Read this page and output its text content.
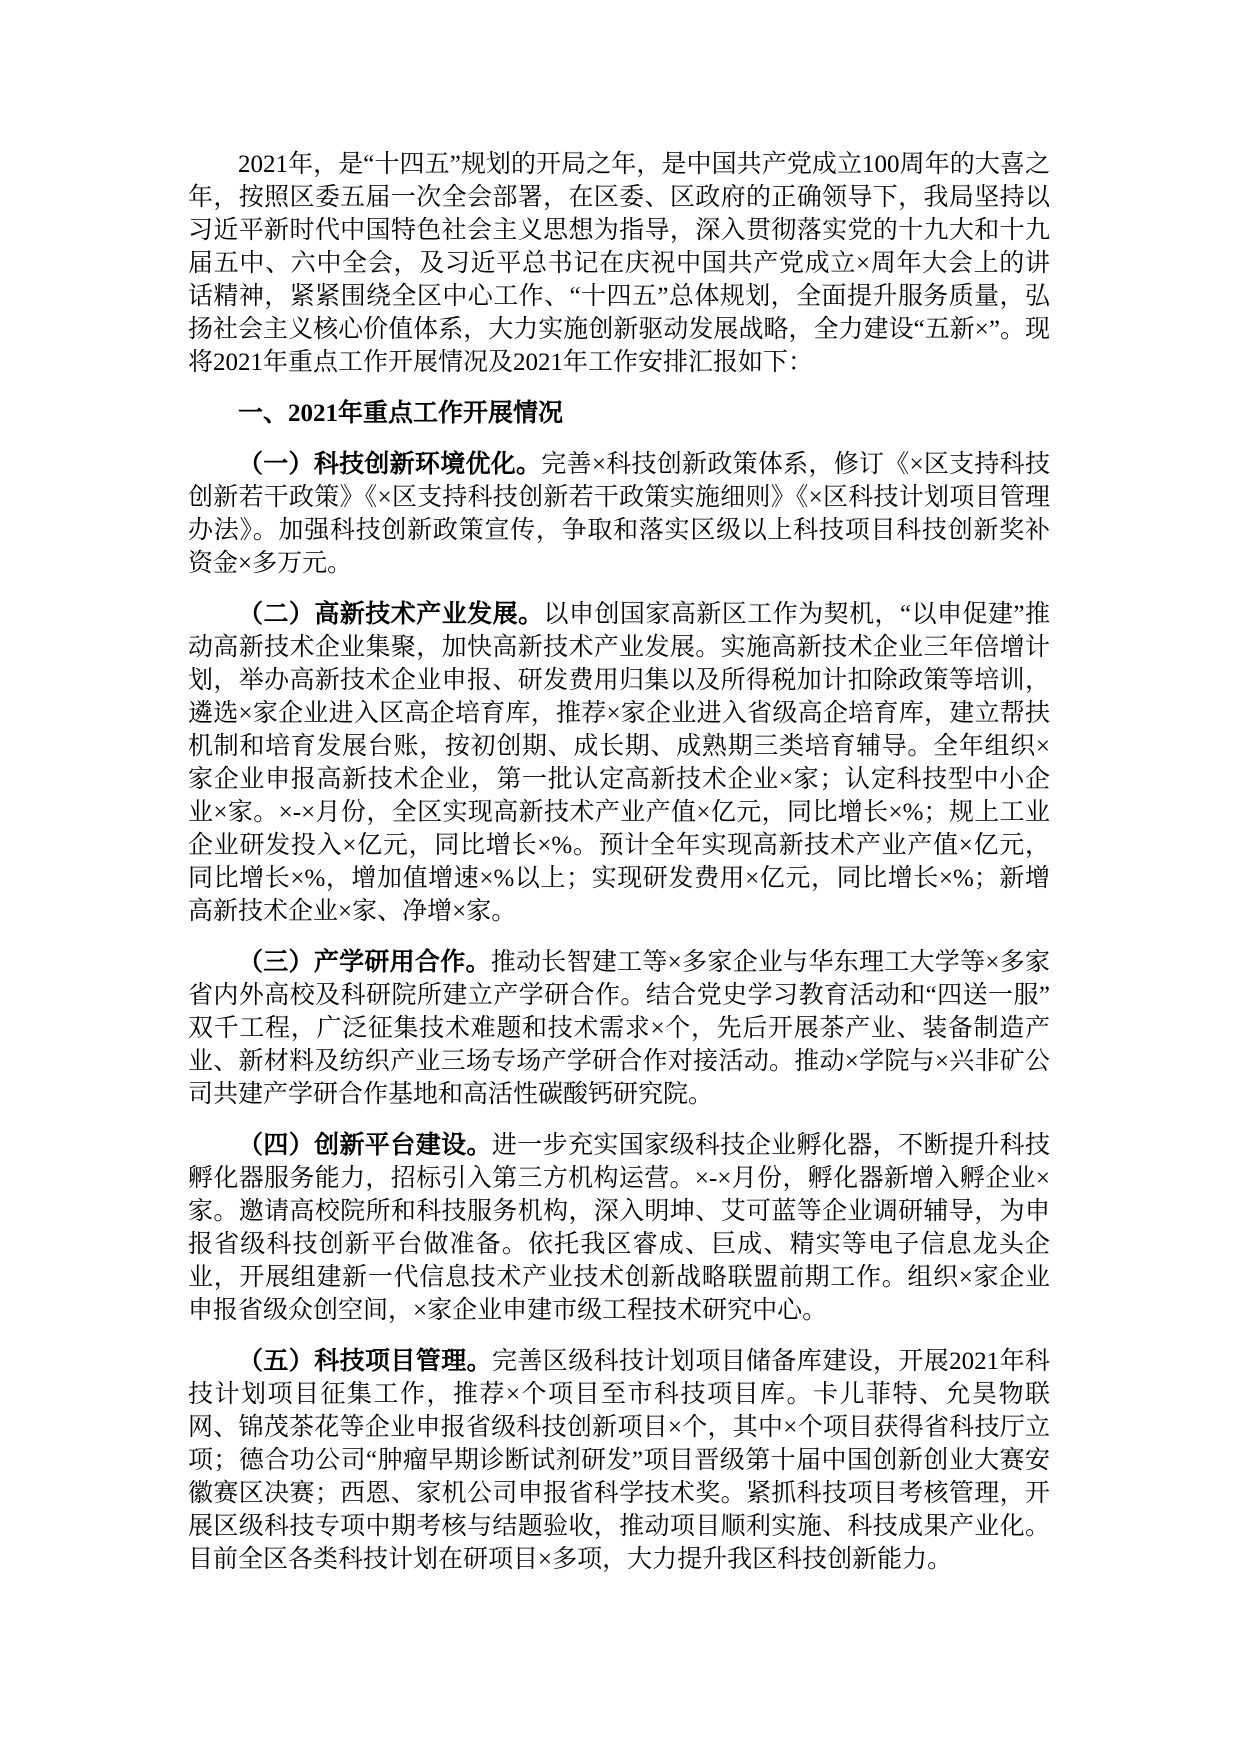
2021年，是“十四五”规划的开局之年，是中国共产党成立100周年的大喜之年，按照区委五届一次全会部署，在区委、区政府的正确领导下，我局坚持以习近平新时代中国特色社会主义思想为指导，深入贯彻落实党的十九大和十九届五中、六中全会，及习近平总书记在庆祝中国共产党成立×周年大会上的讲话精神，紧紧围绕全区中心工作、“十四五”总体规划，全面提升服务质量，弘扬社会主义核心价值体系，大力实施创新驱动发展战略，全力建设“五新×”。现将2021年重点工作开展情况及2021年工作安排汇报如下：

一、2021年重点工作开展情况

（一）科技创新环境优化。完善×科技创新政策体系，修订《×区支持科技创新若干政策》《×区支持科技创新若干政策实施细则》《×区科技计划项目管理办法》。加强科技创新政策宣传，争取和落实区级以上科技项目科技创新奖补资金×多万元。

（二）高新技术产业发展。以申创国家高新区工作为契机，“以申促建”推动高新技术企业集聚，加快高新技术产业发展。实施高新技术企业三年倍增计划，举办高新技术企业申报、研发费用归集以及所得税加计扣除政策等培训，遴选×家企业进入区高企培育库，推荐×家企业进入省级高企培育库，建立帮扶机制和培育发展台账，按初创期、成长期、成熟期三类培育辅导。全年组织×家企业申报高新技术企业，第一批认定高新技术企业×家；认定科技型中小企业×家。×-×月份，全区实现高新技术产业产值×亿元，同比增长×%；规上工业企业研发投入×亿元，同比增长×%。预计全年实现高新技术产业产值×亿元，同比增长×%，增加值增速×%以上；实现研发费用×亿元，同比增长×%；新增高新技术企业×家、净增×家。

（三）产学研用合作。推动长智建工等×多家企业与华东理工大学等×多家省内外高校及科研院所建立产学研合作。结合党史学习教育活动和“四送一服”双千工程，广泛征集技术难题和技术需求×个，先后开展茶产业、装备制造产业、新材料及纺织产业三场专场产学研合作对接活动。推动×学院与×兴非矿公司共建产学研合作基地和高活性碳酸钙研究院。

（四）创新平台建设。进一步充实国家级科技企业孵化器，不断提升科技孵化器服务能力，招标引入第三方机构运营。×-×月份，孵化器新增入孵企业×家。邀请高校院所和科技服务机构，深入明坤、艾可蓝等企业调研辅导，为申报省级科技创新平台做准备。依托我区睿成、巨成、精实等电子信息龙头企业，开展组建新一代信息技术产业技术创新战略联盟前期工作。组织×家企业申报省级众创空间，×家企业申建市级工程技术研究中心。

（五）科技项目管理。完善区级科技计划项目储备库建设，开展2021年科技计划项目征集工作，推荐×个项目至市科技项目库。卡儿菲特、允昊物联网、锦茂茶花等企业申报省级科技创新项目×个，其中×个项目获得省科技厅立项；德合功公司“肿瘤早期诊断试剂研发”项目晋级第十届中国创新创业大赛安徽赛区决赛；西恩、家机公司申报省科学技术奖。紧抓科技项目考核管理，开展区级科技专项中期考核与结题验收，推动项目顺利实施、科技成果产业化。目前全区各类科技计划在研项目×多项，大力提升我区科技创新能力。
